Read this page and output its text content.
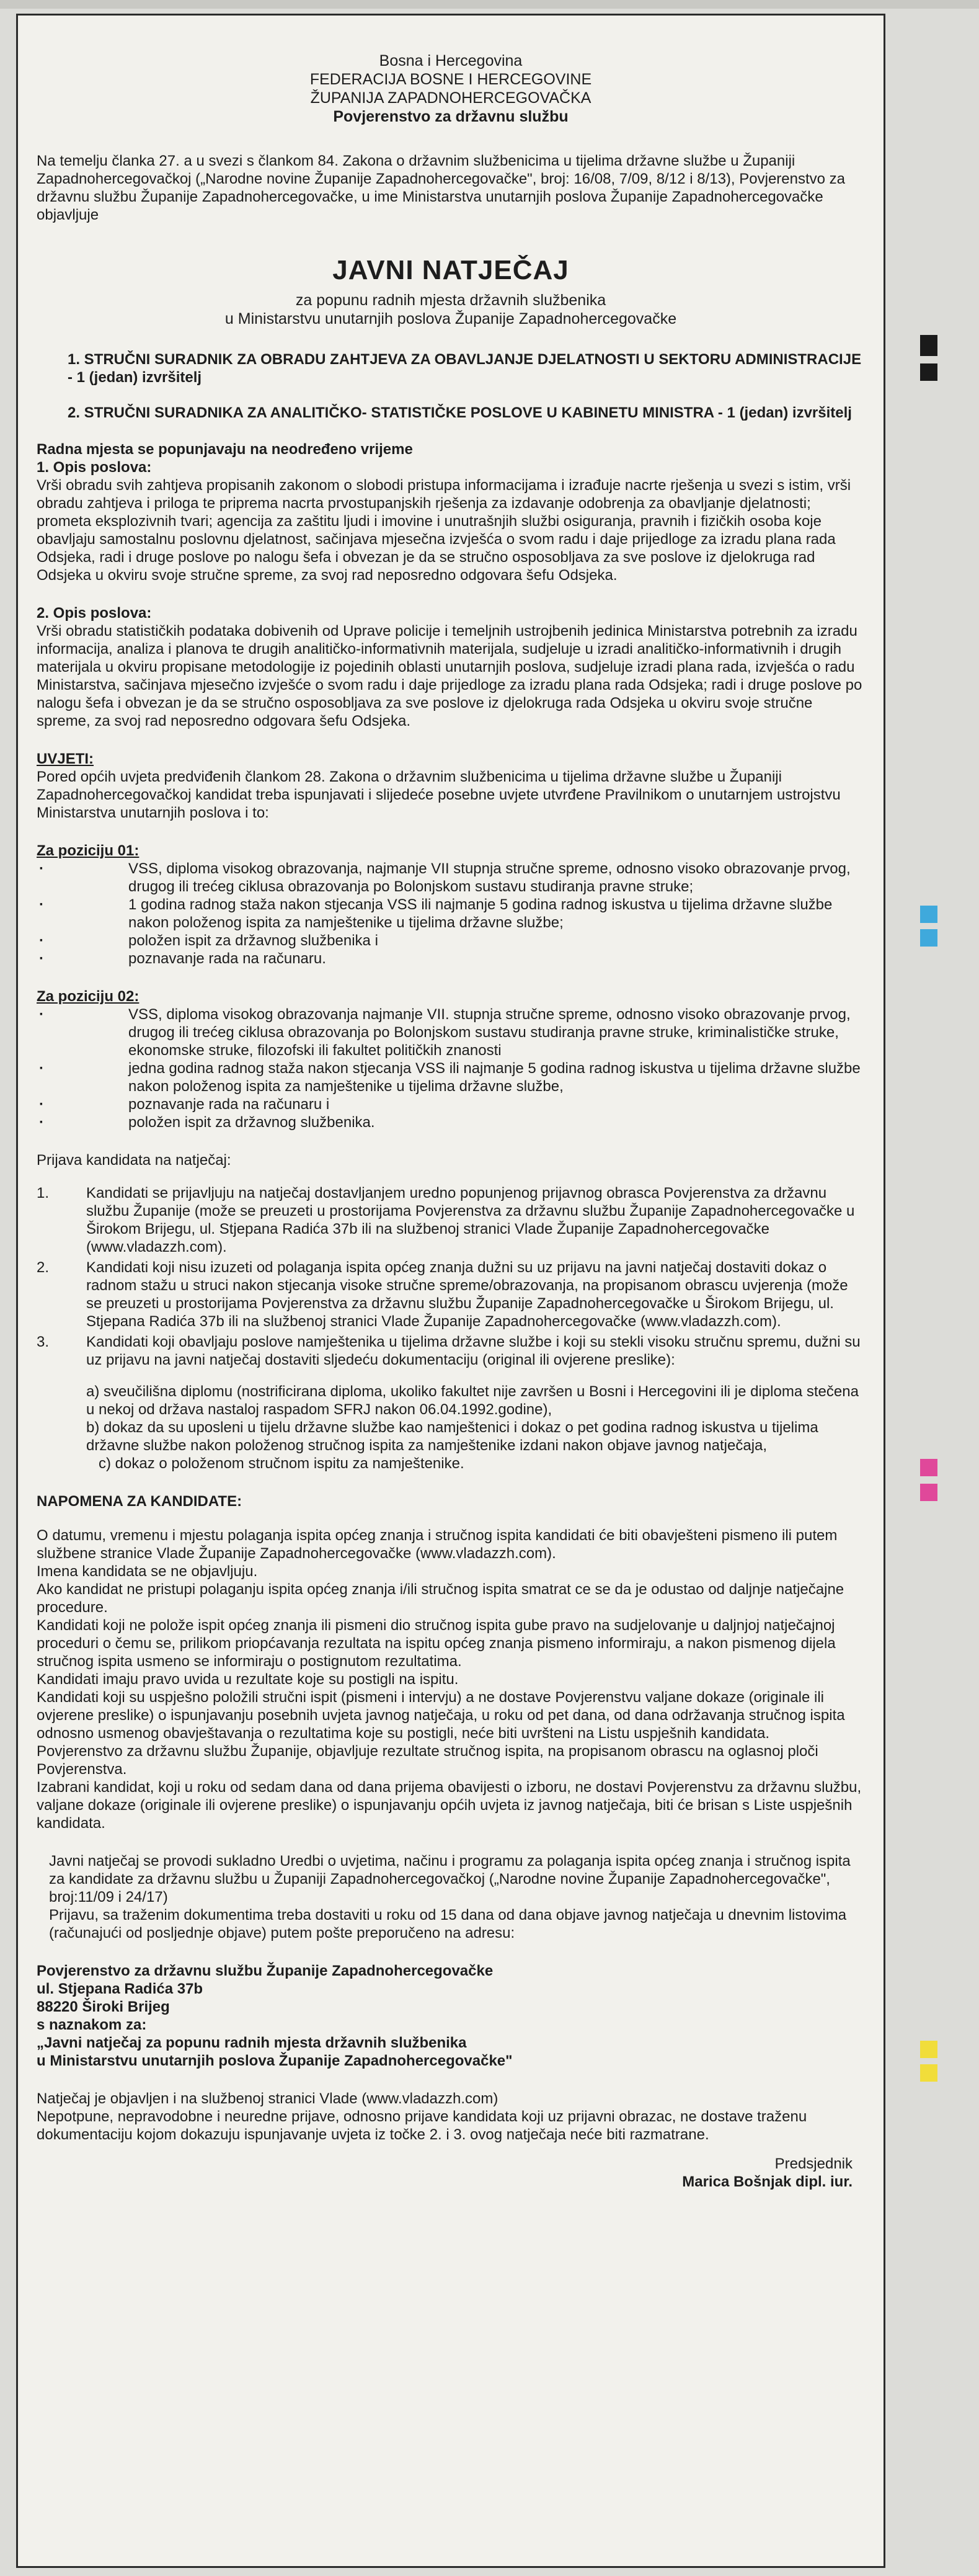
Bosna i Hercegovina
FEDERACIJA BOSNE I HERCEGOVINE
ŽUPANIJA ZAPADNOHERCEGOVAČKA
Povjerenstvo za državnu službu

Na temelju članka 27. a u svezi s člankom 84. Zakona o državnim službenicima u tijelima državne službe u Županiji Zapadnohercegovačkoj („Narodne novine Županije Zapadnohercegovačke", broj: 16/08, 7/09, 8/12 i 8/13), Povjerenstvo za državnu službu Županije Zapadnohercegovačke, u ime Ministarstva unutarnjih poslova Županije Zapadnohercegovačke objavljuje

JAVNI NATJEČAJ
za popunu radnih mjesta državnih službenika
u Ministarstvu unutarnjih poslova Županije Zapadnohercegovačke
1. STRUČNI SURADNIK ZA OBRADU ZAHTJEVA ZA OBAVLJANJE DJELATNOSTI U SEKTORU ADMINISTRACIJE - 1 (jedan) izvršitelj
2. STRUČNI SURADNIKA ZA ANALITIČKO- STATISTIČKE POSLOVE U KABINETU MINISTRA - 1 (jedan) izvršitelj

Radna mjesta se popunjavaju na neodređeno vrijeme

1. Opis poslova:

Vrši obradu svih zahtjeva propisanih zakonom o slobodi pristupa informacijama i izrađuje nacrte rješenja u svezi s istim, vrši obradu zahtjeva i priloga te priprema nacrta prvostupanjskih rješenja za izdavanje odobrenja za obavljanje djelatnosti; prometa eksplozivnih tvari; agencija za zaštitu ljudi i imovine i unutrašnjih službi osiguranja, pravnih i fizičkih osoba koje obavljaju samostalnu poslovnu djelatnost, sačinjava mjesečna izvješća o svom radu i daje prijedloge za izradu plana rada Odsjeka, radi i druge poslove po nalogu šefa i obvezan je da se stručno osposobljava za sve poslove iz djelokruga rad Odsjeka u okviru svoje stručne spreme, za svoj rad neposredno odgovara šefu Odsjeka.

2. Opis poslova:

Vrši obradu statističkih podataka dobivenih od Uprave policije i temeljnih ustrojbenih jedinica Ministarstva potrebnih za izradu informacija, analiza i planova te drugih analitičko-informativnih materijala, sudjeluje u izradi analitičko-informativnih i drugih materijala u okviru propisane metodologije iz pojedinih oblasti unutarnjih poslova, sudjeluje izradi plana rada, izvješća o radu Ministarstva, sačinjava mjesečno izvješće o svom radu i daje prijedloge za izradu plana rada Odsjeka; radi i druge poslove po nalogu šefa i obvezan je da se stručno osposobljava za sve poslove iz djelokruga rada Odsjeka u okviru svoje stručne spreme, za svoj rad neposredno odgovara šefu Odsjeka.

UVJETI:

Pored općih uvjeta predviđenih člankom 28. Zakona o državnim službenicima u tijelima državne službe u Županiji Zapadnohercegovačkoj kandidat treba ispunjavati i slijedeće posebne uvjete utvrđene Pravilnikom o unutarnjem ustrojstvu Ministarstva unutarnjih poslova i to:

Za poziciju 01:

· VSS, diploma visokog obrazovanja, najmanje VII stupnja stručne spreme, odnosno visoko obrazovanje prvog, drugog ili trećeg ciklusa obrazovanja po Bolonjskom sustavu studiranja pravne struke;
· 1 godina radnog staža nakon stjecanja VSS ili najmanje 5 godina radnog iskustva u tijelima državne službe nakon položenog ispita za namještenike u tijelima državne službe;
· položen ispit za državnog službenika i
· poznavanje rada na računaru.

Za poziciju 02:

· VSS, diploma visokog obrazovanja najmanje VII. stupnja stručne spreme, odnosno visoko obrazovanje prvog, drugog ili trećeg ciklusa obrazovanja po Bolonjskom sustavu studiranja pravne struke, kriminalističke struke, ekonomske struke, filozofski ili fakultet političkih znanosti
· jedna godina radnog staža nakon stjecanja VSS ili najmanje 5 godina radnog iskustva u tijelima državne službe nakon položenog ispita za namještenike u tijelima državne službe,
· poznavanje rada na računaru i
· položen ispit za državnog službenika.

Prijava kandidata na natječaj:

1. Kandidati se prijavljuju na natječaj dostavljanjem uredno popunjenog prijavnog obrasca Povjerenstva za državnu službu Županije (može se preuzeti u prostorijama Povjerenstva za državnu službu Županije Zapadnohercegovačke u Širokom Brijegu, ul. Stjepana Radića 37b ili na službenoj stranici Vlade Županije Zapadnohercegovačke (www.vladazzh.com).
2. Kandidati koji nisu izuzeti od polaganja ispita općeg znanja dužni su uz prijavu na javni natječaj dostaviti dokaz o radnom stažu u struci nakon stjecanja visoke stručne spreme/obrazovanja, na propisanom obrascu uvjerenja (može se preuzeti u prostorijama Povjerenstva za državnu službu Županije Zapadnohercegovačke u Širokom Brijegu, ul. Stjepana Radića 37b ili na službenoj stranici Vlade Županije Zapadnohercegovačke (www.vladazzh.com).
3. Kandidati koji obavljaju poslove namještenika u tijelima državne službe i koji su stekli visoku stručnu spremu, dužni su uz prijavu na javni natječaj dostaviti sljedeću dokumentaciju (original ili ovjerene preslike):

a) sveučilišna diplomu (nostrificirana diploma, ukoliko fakultet nije završen u Bosni i Hercegovini ili je diploma stečena u nekoj od država nastaloj raspadom SFRJ nakon 06.04.1992.godine),

b) dokaz da su uposleni u tijelu državne službe kao namještenici i dokaz o pet godina radnog iskustva u tijelima državne službe nakon položenog stručnog ispita za namještenike izdani nakon objave javnog natječaja,

c) dokaz o položenom stručnom ispitu za namještenike.

NAPOMENA ZA KANDIDATE:

O datumu, vremenu i mjestu polaganja ispita općeg znanja i stručnog ispita kandidati će biti obavješteni pismeno ili putem službene stranice Vlade Županije Zapadnohercegovačke (www.vladazzh.com).

Imena kandidata se ne objavljuju.

Ako kandidat ne pristupi polaganju ispita općeg znanja i/ili stručnog ispita smatrat ce se da je odustao od daljnje natječajne procedure.

Kandidati koji ne polože ispit općeg znanja ili pismeni dio stručnog ispita gube pravo na sudjelovanje u daljnjoj natječajnoj proceduri o čemu se, prilikom priopćavanja rezultata na ispitu općeg znanja pismeno informiraju, a nakon pismenog dijela stručnog ispita usmeno se informiraju o postignutom rezultatima.

Kandidati imaju pravo uvida u rezultate koje su postigli na ispitu.

Kandidati koji su uspješno položili stručni ispit (pismeni i intervju) a ne dostave Povjerenstvu valjane dokaze (originale ili ovjerene preslike) o ispunjavanju posebnih uvjeta javnog natječaja, u roku od pet dana, od dana održavanja stručnog ispita odnosno usmenog obavještavanja o rezultatima koje su postigli, neće biti uvršteni na Listu uspješnih kandidata.

Povjerenstvo za državnu službu Županije, objavljuje rezultate stručnog ispita, na propisanom obrascu na oglasnoj ploči Povjerenstva.

Izabrani kandidat, koji u roku od sedam dana od dana prijema obavijesti o izboru, ne dostavi Povjerenstvu za državnu službu, valjane dokaze (originale ili ovjerene preslike) o ispunjavanju općih uvjeta iz javnog natječaja, biti će brisan s Liste uspješnih kandidata.

Javni natječaj se provodi sukladno Uredbi o uvjetima, načinu i programu za polaganja ispita općeg znanja i stručnog ispita za kandidate za državnu službu u Županiji Zapadnohercegovačkoj („Narodne novine Županije Zapadnohercegovačke", broj:11/09 i 24/17)

Prijavu, sa traženim dokumentima treba dostaviti u roku od 15 dana od dana objave javnog natječaja u dnevnim listovima (računajući od posljednje objave) putem pošte preporučeno na adresu:

Povjerenstvo za državnu službu Županije Zapadnohercegovačke
ul. Stjepana Radića 37b
88220 Široki Brijeg
s naznakom za:
„Javni natječaj za popunu radnih mjesta državnih službenika
u Ministarstvu unutarnjih poslova Županije Zapadnohercegovačke"

Natječaj je objavljen i na službenoj stranici Vlade (www.vladazzh.com)

Nepotpune, nepravodobne i neuredne prijave, odnosno prijave kandidata koji uz prijavni obrazac, ne dostave traženu dokumentaciju kojom dokazuju ispunjavanje uvjeta iz točke 2. i 3. ovog natječaja neće biti razmatrane.

Predsjednik
Marica Bošnjak dipl. iur.
